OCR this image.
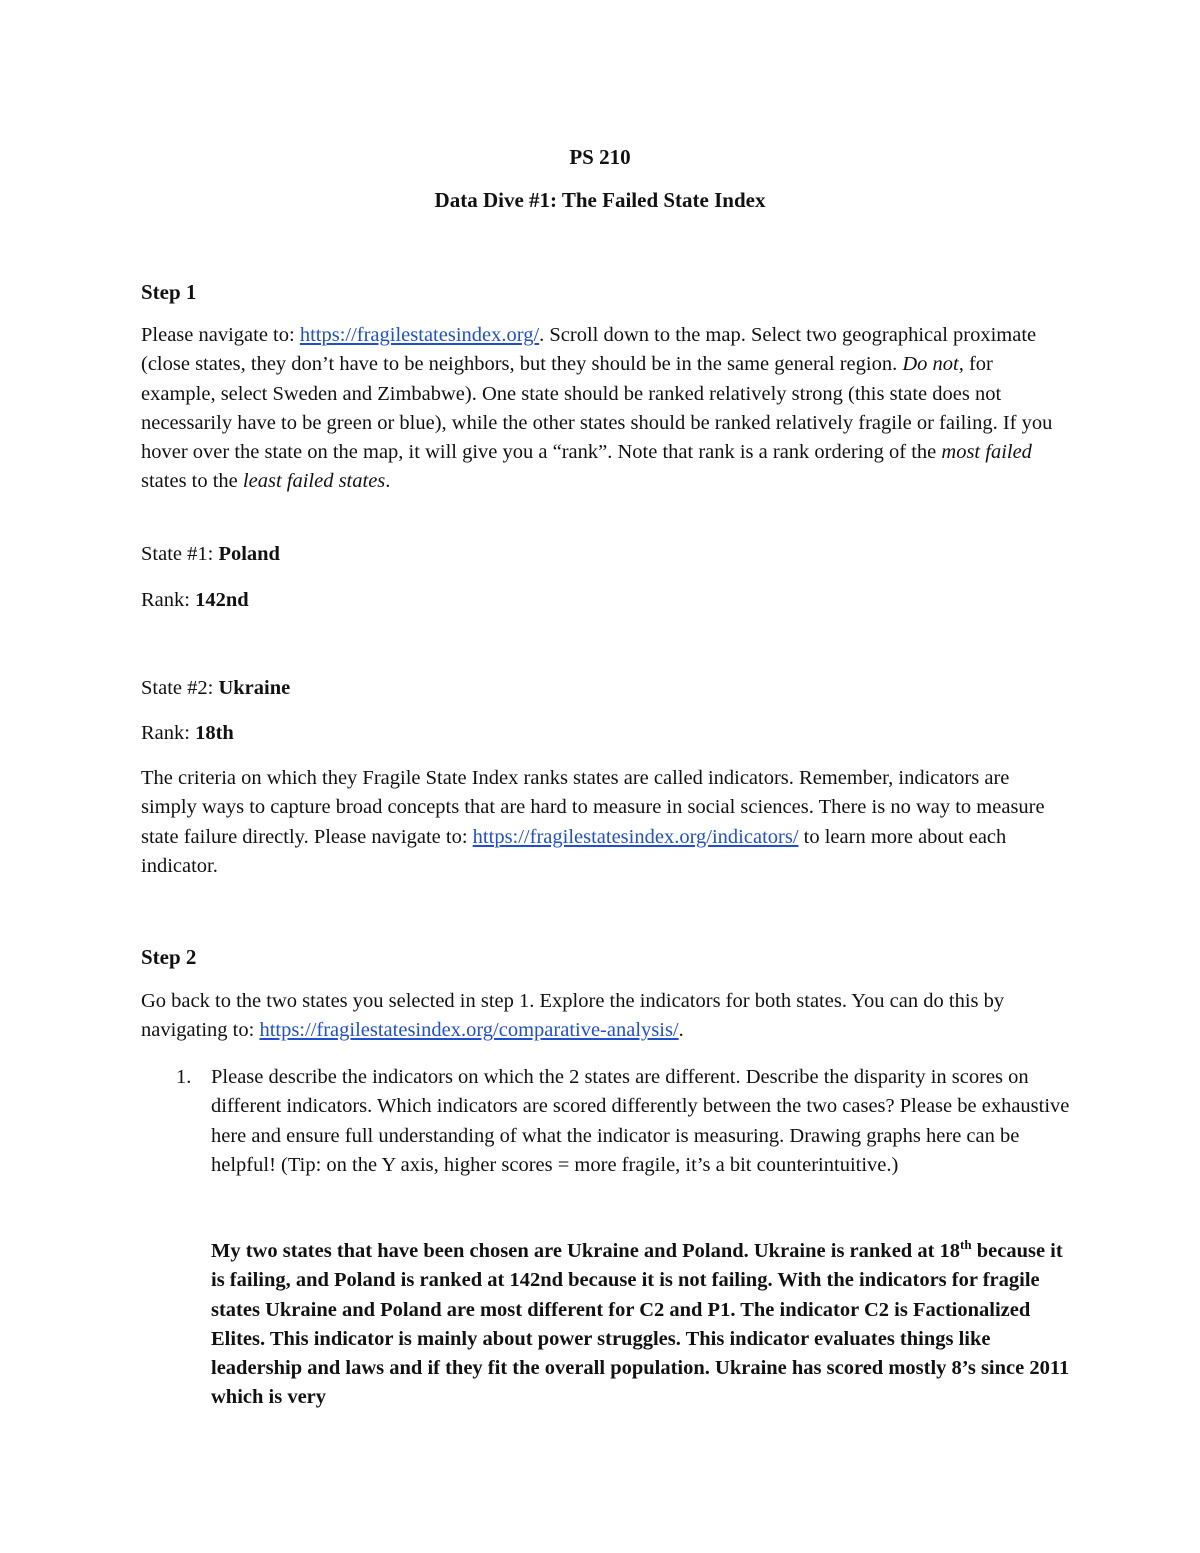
PS 210
Data Dive #1: The Failed State Index
Step 1
Please navigate to: https://fragilestatesindex.org/. Scroll down to the map. Select two geographical proximate (close states, they don’t have to be neighbors, but they should be in the same general region. Do not, for example, select Sweden and Zimbabwe). One state should be ranked relatively strong (this state does not necessarily have to be green or blue), while the other states should be ranked relatively fragile or failing. If you hover over the state on the map, it will give you a “rank”. Note that rank is a rank ordering of the most failed states to the least failed states.
State #1: Poland
Rank: 142nd
State #2: Ukraine
Rank: 18th
The criteria on which they Fragile State Index ranks states are called indicators. Remember, indicators are simply ways to capture broad concepts that are hard to measure in social sciences. There is no way to measure state failure directly. Please navigate to: https://fragilestatesindex.org/indicators/ to learn more about each indicator.
Step 2
Go back to the two states you selected in step 1. Explore the indicators for both states. You can do this by navigating to: https://fragilestatesindex.org/comparative-analysis/.
1. Please describe the indicators on which the 2 states are different. Describe the disparity in scores on different indicators. Which indicators are scored differently between the two cases? Please be exhaustive here and ensure full understanding of what the indicator is measuring. Drawing graphs here can be helpful! (Tip: on the Y axis, higher scores = more fragile, it’s a bit counterintuitive.)
My two states that have been chosen are Ukraine and Poland. Ukraine is ranked at 18th because it is failing, and Poland is ranked at 142nd because it is not failing. With the indicators for fragile states Ukraine and Poland are most different for C2 and P1. The indicator C2 is Factionalized Elites. This indicator is mainly about power struggles. This indicator evaluates things like leadership and laws and if they fit the overall population. Ukraine has scored mostly 8’s since 2011 which is very
